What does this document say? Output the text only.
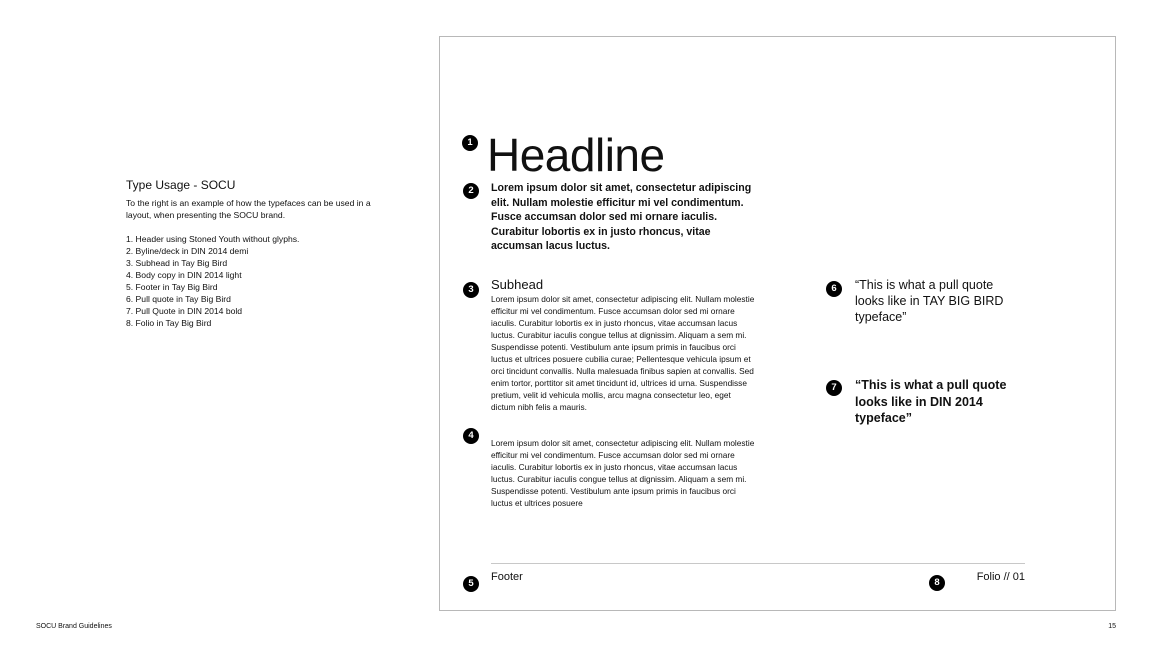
Type Usage - SOCU

To the right is an example of how the typefaces can be used in a layout, when presenting the SOCU brand.

1. Header using Stoned Youth without glyphs.
2. Byline/deck in DIN 2014 demi
3. Subhead in Tay Big Bird
4. Body copy in DIN 2014 light
5. Footer in Tay Big Bird
6. Pull quote in Tay Big Bird
7. Pull Quote in DIN 2014 bold
8. Folio in Tay Big Bird
1 Headline
2	Lorem ipsum dolor sit amet, consectetur adipiscing elit. Nullam molestie efficitur mi vel condimentum. Fusce accumsan dolor sed mi ornare iaculis. Curabitur lobortis ex in justo rhoncus, vitae accumsan lacus luctus.
3	Subhead
Lorem ipsum dolor sit amet, consectetur adipiscing elit. Nullam molestie efficitur mi vel condimentum. Fusce accumsan dolor sed mi ornare iaculis. Curabitur lobortis ex in justo rhoncus, vitae accumsan lacus luctus. Curabitur iaculis congue tellus at dignissim. Aliquam a sem mi. Suspendisse potenti. Vestibulum ante ipsum primis in faucibus orci luctus et ultrices posuere cubilia curae; Pellentesque vehicula ipsum et orci tincidunt convallis. Nulla malesuada finibus sapien at convallis. Sed enim tortor, porttitor sit amet tincidunt id, ultrices id urna. Suspendisse pretium, velit id vehicula mollis, arcu magna consectetur leo, eget dictum nibh felis a mauris.
4
Lorem ipsum dolor sit amet, consectetur adipiscing elit. Nullam molestie efficitur mi vel condimentum. Fusce accumsan dolor sed mi ornare iaculis. Curabitur lobortis ex in justo rhoncus, vitae accumsan lacus luctus. Curabitur iaculis congue tellus at dignissim. Aliquam a sem mi. Suspendisse potenti. Vestibulum ante ipsum primis in faucibus orci luctus et ultrices posuere
6	“This is what a pull quote looks like in TAY BIG BIRD typeface”
7	“This is what a pull quote looks like in DIN 2014 typeface”
5
Footer	8	Folio // 01
SOCU Brand Guidelines	15
